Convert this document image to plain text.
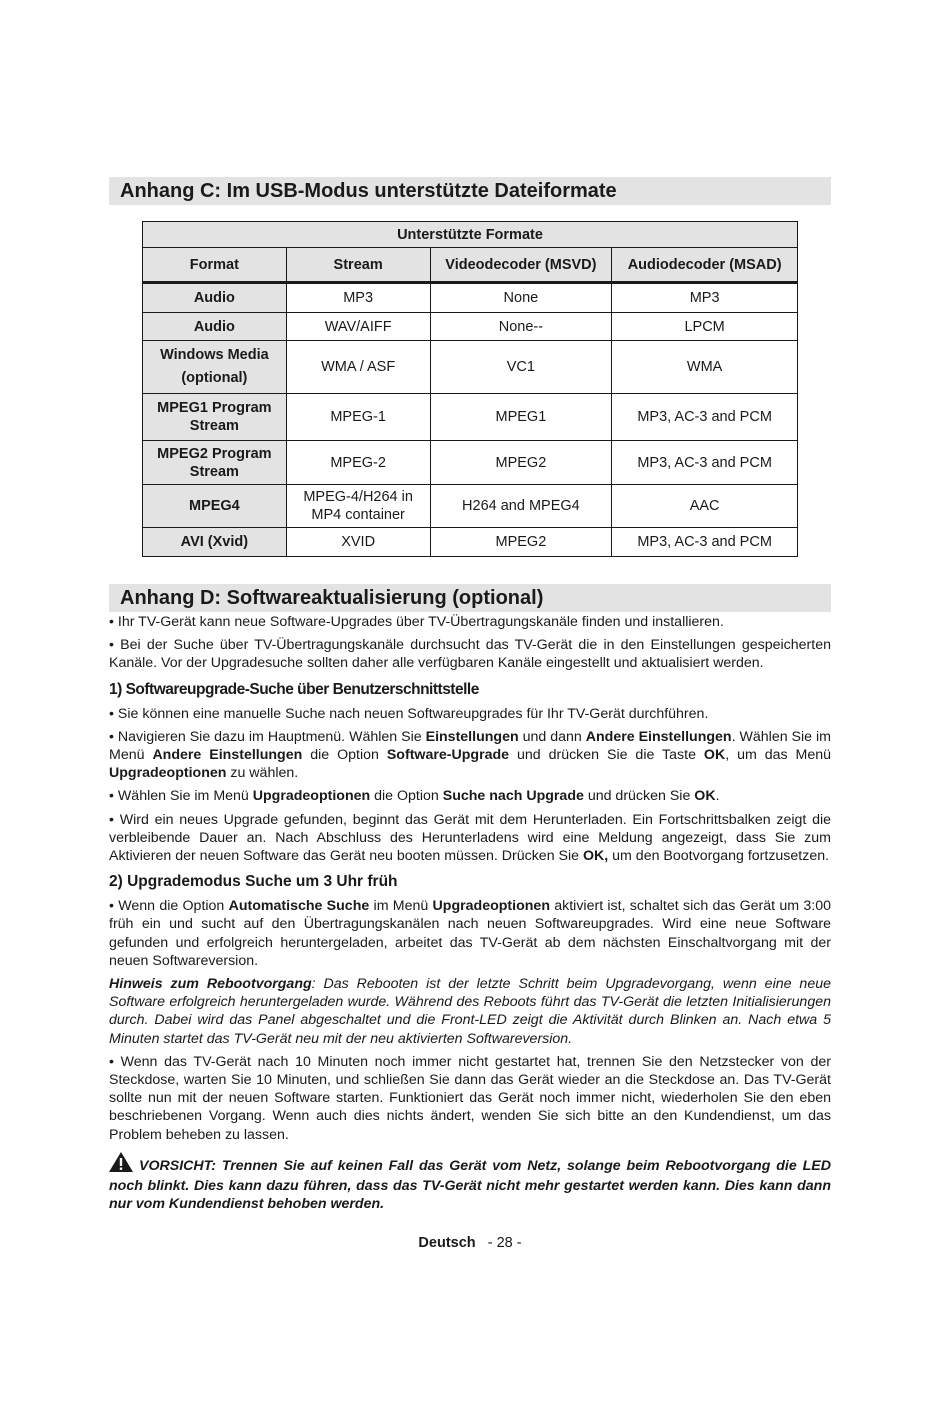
Anhang C: Im USB-Modus unterstützte Dateiformate
Unterstützte Formate			
Format	Stream	Videodecoder (MSVD)	Audiodecoder (MSAD)
Audio	MP3	None	MP3
Audio	WAV/AIFF	None--	LPCM
Windows Media (optional)	WMA / ASF	VC1	WMA
MPEG1 Program Stream	MPEG-1	MPEG1	MP3, AC-3 and PCM
MPEG2 Program Stream	MPEG-2	MPEG2	MP3, AC-3 and PCM
MPEG4	MPEG-4/H264 in MP4 container	H264 and MPEG4	AAC
AVI (Xvid)	XVID	MPEG2	MP3, AC-3 and PCM
Anhang D: Softwareaktualisierung (optional)

• Ihr TV-Gerät kann neue Software-Upgrades über TV-Übertragungskanäle finden und installieren.

• Bei der Suche über TV-Übertragungskanäle durchsucht das TV-Gerät die in den Einstellungen gespeicherten Kanäle. Vor der Upgradesuche sollten daher alle verfügbaren Kanäle eingestellt und aktualisiert werden.

1) Softwareupgrade-Suche über Benutzerschnittstelle

• Sie können eine manuelle Suche nach neuen Softwareupgrades für Ihr TV-Gerät durchführen.

• Navigieren Sie dazu im Hauptmenü. Wählen Sie Einstellungen und dann Andere Einstellungen. Wählen Sie im Menü Andere Einstellungen die Option Software-Upgrade und drücken Sie die Taste OK, um das Menü Upgradeoptionen zu wählen.

• Wählen Sie im Menü Upgradeoptionen die Option Suche nach Upgrade und drücken Sie OK.

• Wird ein neues Upgrade gefunden, beginnt das Gerät mit dem Herunterladen. Ein Fortschrittsbalken zeigt die verbleibende Dauer an. Nach Abschluss des Herunterladens wird eine Meldung angezeigt, dass Sie zum Aktivieren der neuen Software das Gerät neu booten müssen. Drücken Sie OK, um den Bootvorgang fortzusetzen.

2) Upgrademodus Suche um 3 Uhr früh

• Wenn die Option Automatische Suche im Menü Upgradeoptionen aktiviert ist, schaltet sich das Gerät um 3:00 früh ein und sucht auf den Übertragungskanälen nach neuen Softwareupgrades. Wird eine neue Software gefunden und erfolgreich heruntergeladen, arbeitet das TV-Gerät ab dem nächsten Einschaltvorgang mit der neuen Softwareversion.

Hinweis zum Rebootvorgang: Das Rebooten ist der letzte Schritt beim Upgradevorgang, wenn eine neue Software erfolgreich heruntergeladen wurde. Während des Reboots führt das TV-Gerät die letzten Initialisierungen durch. Dabei wird das Panel abgeschaltet und die Front-LED zeigt die Aktivität durch Blinken an. Nach etwa 5 Minuten startet das TV-Gerät neu mit der neu aktivierten Softwareversion.

• Wenn das TV-Gerät nach 10 Minuten noch immer nicht gestartet hat, trennen Sie den Netzstecker von der Steckdose, warten Sie 10 Minuten, und schließen Sie dann das Gerät wieder an die Steckdose an. Das TV-Gerät sollte nun mit der neuen Software starten. Funktioniert das Gerät noch immer nicht, wiederholen Sie den eben beschriebenen Vorgang. Wenn auch dies nichts ändert, wenden Sie sich bitte an den Kundendienst, um das Problem beheben zu lassen.

VORSICHT: Trennen Sie auf keinen Fall das Gerät vom Netz, solange beim Rebootvorgang die LED noch blinkt. Dies kann dazu führen, dass das TV-Gerät nicht mehr gestartet werden kann. Dies kann dann nur vom Kundendienst behoben werden.

Deutsch - 28 -
